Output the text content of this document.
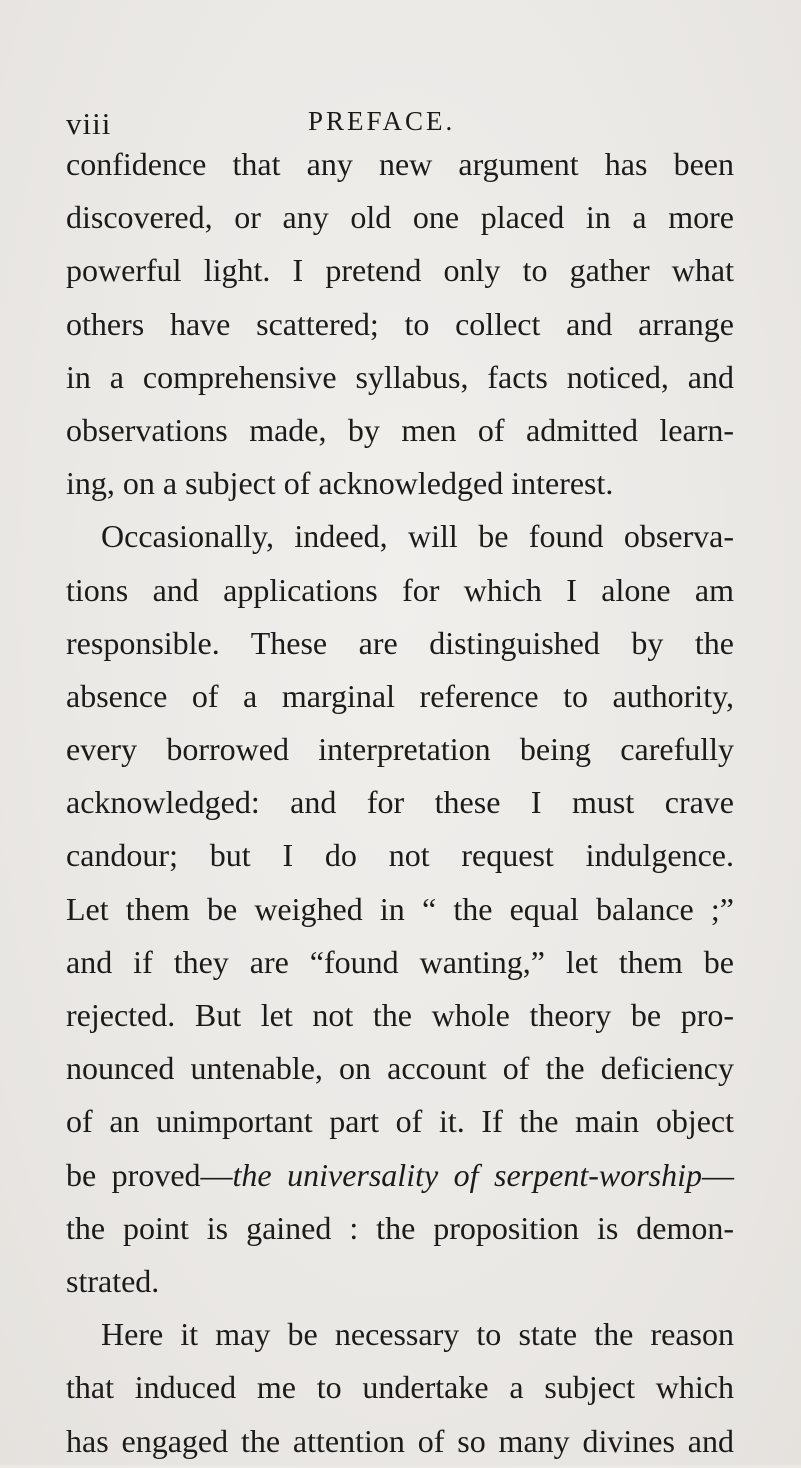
viii	PREFACE.
confidence that any new argument has been
discovered, or any old one placed in a more
powerful light. I pretend only to gather what
others have scattered; to collect and arrange
in a comprehensive syllabus, facts noticed, and
observations made, by men of admitted learn-
ing, on a subject of acknowledged interest.
Occasionally, indeed, will be found observa-
tions and applications for which I alone am
responsible. These are distinguished by the
absence of a marginal reference to authority,
every borrowed interpretation being carefully
acknowledged: and for these I must crave
candour; but I do not request indulgence.
Let them be weighed in “ the equal balance ;”
and if they are “found wanting,” let them be
rejected. But let not the whole theory be pro-
nounced untenable, on account of the deficiency
of an unimportant part of it. If the main object
be proved—the universality of serpent-worship—
the point is gained : the proposition is demon-
strated.
Here it may be necessary to state the reason
that induced me to undertake a subject which
has engaged the attention of so many divines and
